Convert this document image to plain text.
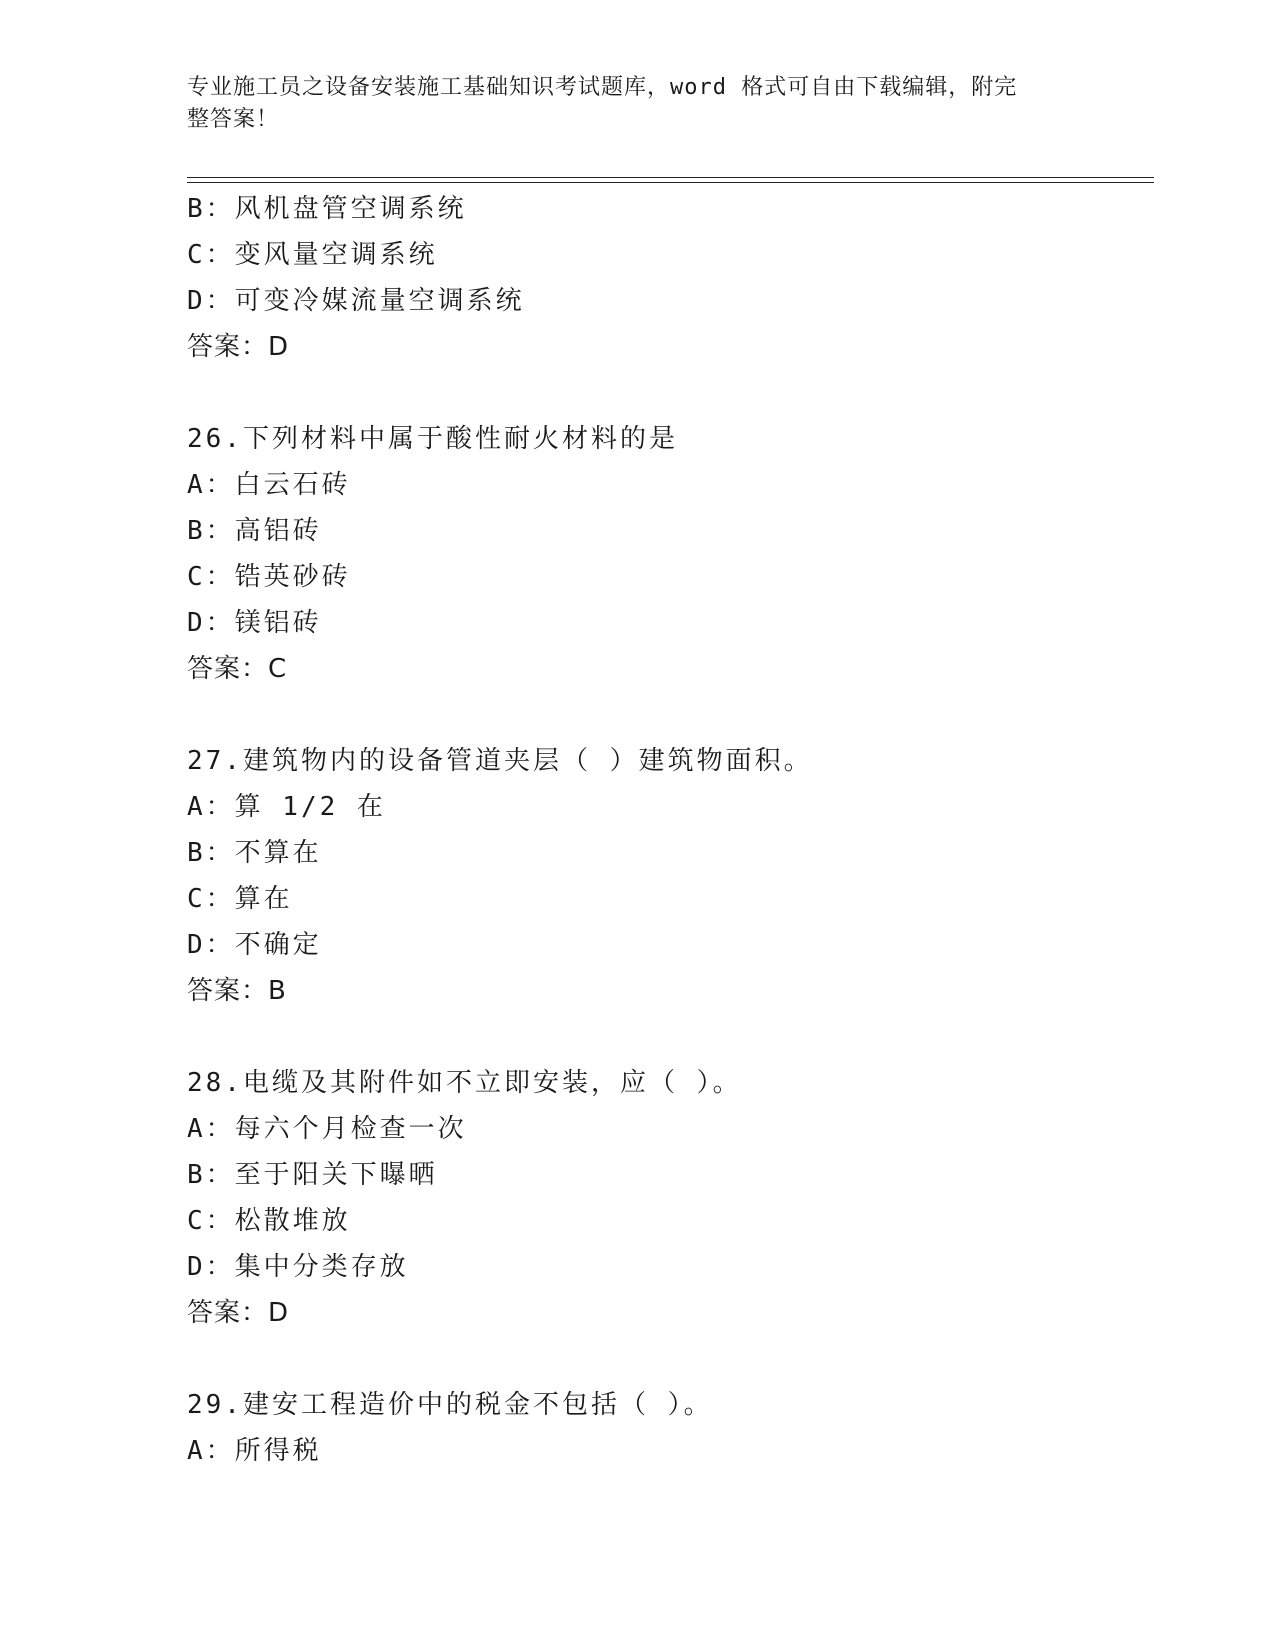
专业施工员之设备安装施工基础知识考试题库，word 格式可自由下载编辑，附完
整答案！
B：风机盘管空调系统
C：变风量空调系统
D：可变冷媒流量空调系统
答案：D
26.下列材料中属于酸性耐火材料的是
A：白云石砖
B：高铝砖
C：锆英砂砖
D：镁铝砖
答案：C
27.建筑物内的设备管道夹层（ ）建筑物面积。
A：算 1/2 在
B：不算在
C：算在
D：不确定
答案：B
28.电缆及其附件如不立即安装，应（ ）。
A：每六个月检查一次
B：至于阳关下曝晒
C：松散堆放
D：集中分类存放
答案：D
29.建安工程造价中的税金不包括（ ）。
A：所得税
